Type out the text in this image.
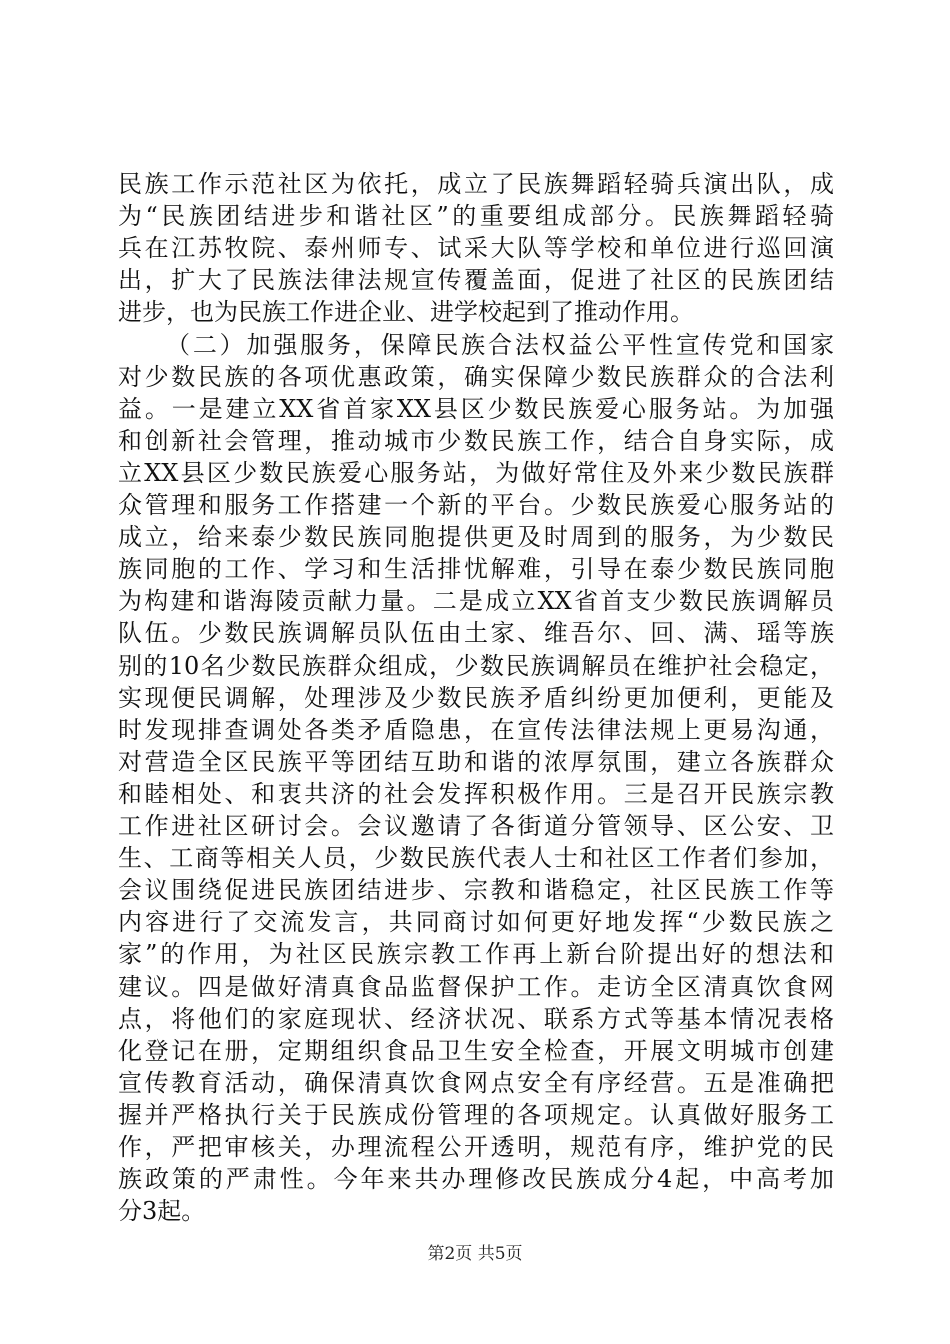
民族工作示范社区为依托，成立了民族舞蹈轻骑兵演出队，成
为“民族团结进步和谐社区”的重要组成部分。民族舞蹈轻骑
兵在江苏牧院、泰州师专、试采大队等学校和单位进行巡回演
出，扩大了民族法律法规宣传覆盖面，促进了社区的民族团结
进步，也为民族工作进企业、进学校起到了推动作用。
（二）加强服务，保障民族合法权益公平性宣传党和国家
对少数民族的各项优惠政策，确实保障少数民族群众的合法利
益。一是建立XX省首家XX县区少数民族爱心服务站。为加强
和创新社会管理，推动城市少数民族工作，结合自身实际，成
立XX县区少数民族爱心服务站，为做好常住及外来少数民族群
众管理和服务工作搭建一个新的平台。少数民族爱心服务站的
成立，给来泰少数民族同胞提供更及时周到的服务，为少数民
族同胞的工作、学习和生活排忧解难，引导在泰少数民族同胞
为构建和谐海陵贡献力量。二是成立XX省首支少数民族调解员
队伍。少数民族调解员队伍由土家、维吾尔、回、满、瑶等族
别的10名少数民族群众组成，少数民族调解员在维护社会稳定，
实现便民调解，处理涉及少数民族矛盾纠纷更加便利，更能及
时发现排查调处各类矛盾隐患，在宣传法律法规上更易沟通，
对营造全区民族平等团结互助和谐的浓厚氛围，建立各族群众
和睦相处、和衷共济的社会发挥积极作用。三是召开民族宗教
工作进社区研讨会。会议邀请了各街道分管领导、区公安、卫
生、工商等相关人员，少数民族代表人士和社区工作者们参加，
会议围绕促进民族团结进步、宗教和谐稳定，社区民族工作等
内容进行了交流发言，共同商讨如何更好地发挥“少数民族之
家”的作用，为社区民族宗教工作再上新台阶提出好的想法和
建议。四是做好清真食品监督保护工作。走访全区清真饮食网
点，将他们的家庭现状、经济状况、联系方式等基本情况表格
化登记在册，定期组织食品卫生安全检查，开展文明城市创建
宣传教育活动，确保清真饮食网点安全有序经营。五是准确把
握并严格执行关于民族成份管理的各项规定。认真做好服务工
作，严把审核关，办理流程公开透明，规范有序，维护党的民
族政策的严肃性。今年来共办理修改民族成分4起，中高考加
分3起。
第2页 共5页
